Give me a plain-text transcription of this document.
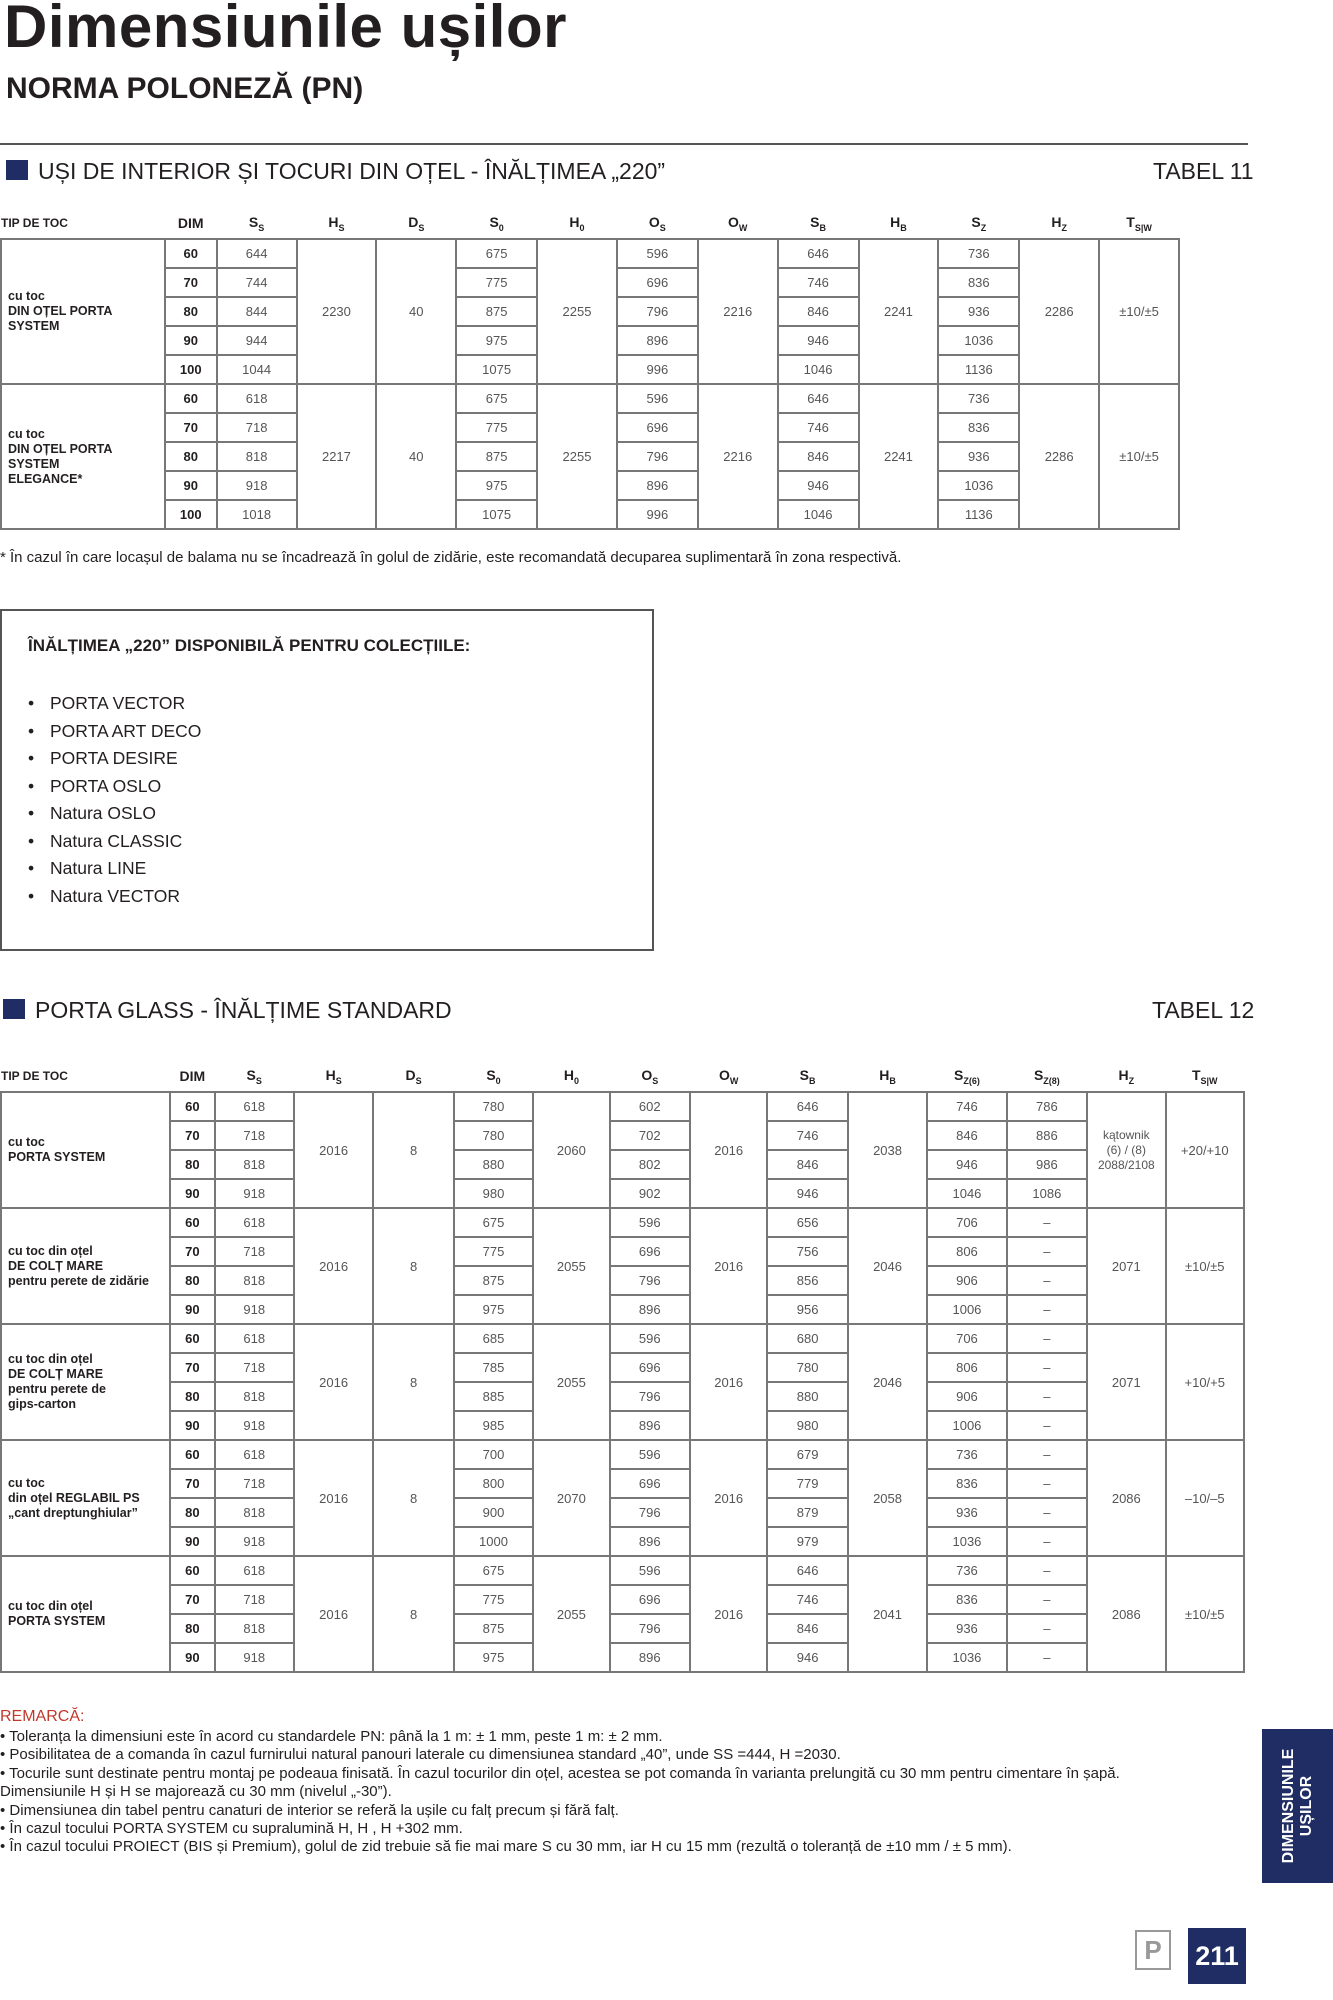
Dimensiunile ușilor
NORMA POLONEZĂ (PN)
UȘI DE INTERIOR ȘI TOCURI DIN OȚEL - ÎNĂLȚIMEA „220”	TABEL 11
TIP DE TOC	DIM	$S_S$	$H_S$	$D_S$	$S_0$	$H_0$	$O_S$	$O_W$	$S_B$	$H_B$	$S_Z$	$H_Z$	$T_{S|W}$
cu toc
DIN OȚEL PORTA SYSTEM	60	644	2230	40	675	2255	596	2216	646	2241	736	2286	±10/±5
	70	744			775		696		746		836		
	80	844			875		796		846		936		
	90	944			975		896		946		1036		
	100	1044			1075		996		1046		1136		
cu toc
DIN OȚEL PORTA SYSTEM
ELEGANCE*	60	618	2217	40	675	2255	596	2216	646	2241	736	2286	±10/±5
	70	718			775		696		746		836		
	80	818			875		796		846		936		
	90	918			975		896		946		1036		
	100	1018			1075		996		1046		1136		
* În cazul în care locașul de balama nu se încadrează în golul de zidărie, este recomandată decuparea suplimentară în zona respectivă.
ÎNĂLȚIMEA „220” DISPONIBILĂ PENTRU COLECȚIILE:
• PORTA VECTOR
• PORTA ART DECO
• PORTA DESIRE
• PORTA OSLO
• Natura OSLO
• Natura CLASSIC
• Natura LINE
• Natura VECTOR
PORTA GLASS - ÎNĂLȚIME STANDARD	TABEL 12
TIP DE TOC	DIM	$S_S$	$H_S$	$D_S$	$S_0$	$H_0$	$O_S$	$O_W$	$S_B$	$H_B$	$S_{Z(6)}$	$S_{Z(8)}$	$H_Z$	$T_{S|W}$
cu toc
PORTA SYSTEM	60	618	2016	8	780	2060	602	2016	646	2038	746	786	kątownik
(6) / (8)
2088/2108	+20/+10
	70	718			780		702		746		846	886		
	80	818			880		802		846		946	986		
	90	918			980		902		946		1046	1086		
cu toc din oțel
DE COLȚ MARE
pentru perete de zidărie	60	618	2016	8	675	2055	596	2016	656	2046	706	–	2071	±10/±5
	70	718			775		696		756		806	–		
	80	818			875		796		856		906	–		
	90	918			975		896		956		1006	–		
cu toc din oțel
DE COLȚ MARE
pentru perete de
gips-carton	60	618	2016	8	685	2055	596	2016	680	2046	706	–	2071	+10/+5
	70	718			785		696		780		806	–		
	80	818			885		796		880		906	–		
	90	918			985		896		980		1006	–		
cu toc
din oțel REGLABIL PS
„cant dreptunghiular”	60	618	2016	8	700	2070	596	2016	679	2058	736	–	2086	–10/–5
	70	718			800		696		779		836	–		
	80	818			900		796		879		936	–		
	90	918			1000		896		979		1036	–		
cu toc din oțel
PORTA SYSTEM	60	618	2016	8	675	2055	596	2016	646	2041	736	–	2086	±10/±5
	70	718			775		696		746		836	–		
	80	818			875		796		846		936	–		
	90	918			975		896		946		1036	–		
REMARCĂ:
• Toleranța la dimensiuni este în acord cu standardele PN: până la 1 m: ± 1 mm, peste 1 m: ± 2 mm.
• Posibilitatea de a comanda în cazul furnirului natural panouri laterale cu dimensiunea standard „40”, unde SS =444, H =2030.
• Tocurile sunt destinate pentru montaj pe podeaua finisată. În cazul tocurilor din oțel, acestea se pot comanda în varianta prelungită cu 30 mm pentru cimentare în șapă.
Dimensiunile H și H se majorează cu 30 mm (nivelul „-30”).
• Dimensiunea din tabel pentru canaturi de interior se referă la ușile cu falț precum și fără falț.
• În cazul tocului PORTA SYSTEM cu supralumină H, H , H +302 mm.
• În cazul tocului PROIECT (BIS și Premium), golul de zid trebuie să fie mai mare S cu 30 mm, iar H cu 15 mm (rezultă o toleranță de ±10 mm / ± 5 mm).	DIMENSIUNILE
UȘILOR
P	211
